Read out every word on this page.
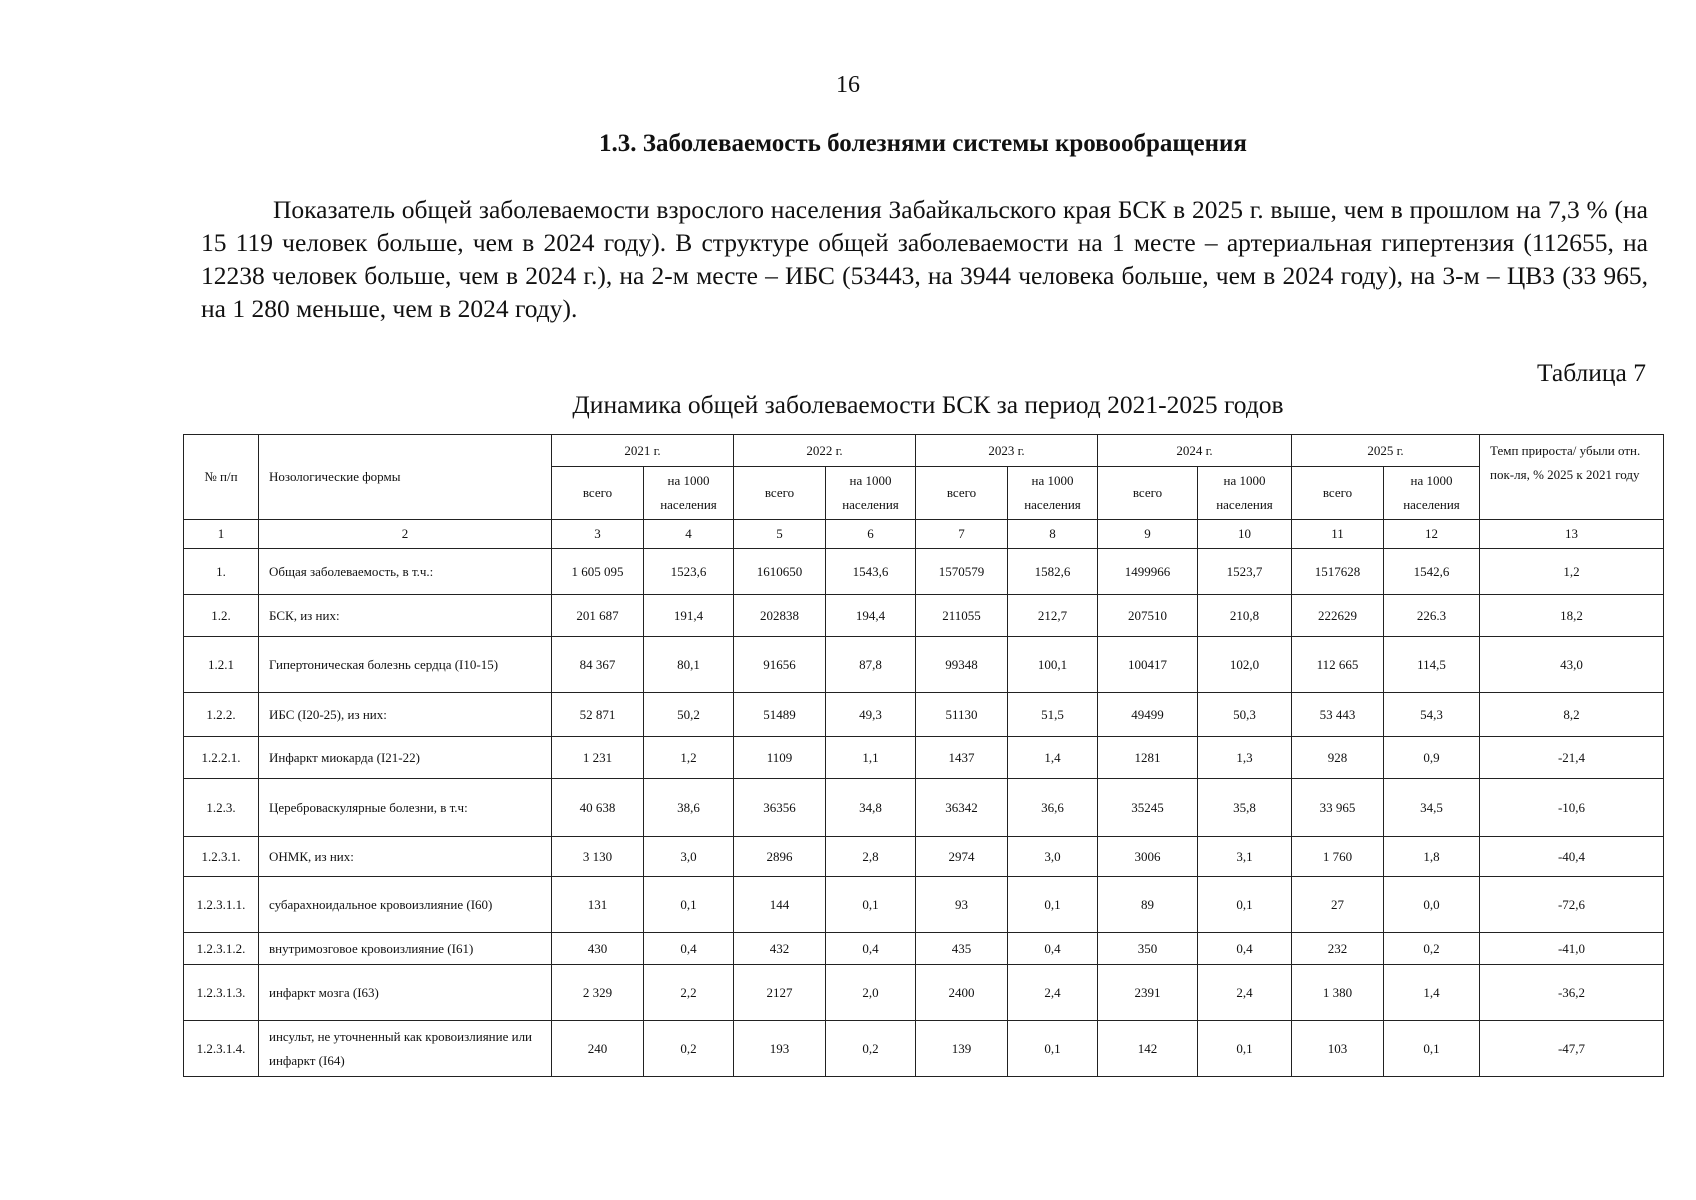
16
1.3. Заболеваемость болезнями системы кровообращения

Показатель общей заболеваемости взрослого населения Забайкальского края БСК в 2025 г. выше, чем в прошлом на 7,3 % (на 15 119 человек больше, чем в 2024 году). В структуре общей заболеваемости на 1 месте – артериальная гипертензия (112655, на 12238 человек больше, чем в 2024 г.), на 2-м месте – ИБС (53443, на 3944 человека больше, чем в 2024 году), на 3-м – ЦВЗ (33 965, на 1 280 меньше, чем в 2024 году).

Таблица 7
Динамика общей заболеваемости БСК за период 2021-2025 годов
№ п/п	Нозологические формы	2021 г.		2022 г.		2023 г.		2024 г.		2025 г.		Темп прироста/ убыли отн. пок-ля, % 2025 к 2021 году
		всего	на 1000 населения	всего	на 1000 населения	всего	на 1000 населения	всего	на 1000 населения	всего	на 1000 населения	
1	2	3	4	5	6	7	8	9	10	11	12	13
1.	Общая заболеваемость, в т.ч.:	1 605 095	1523,6	1610650	1543,6	1570579	1582,6	1499966	1523,7	1517628	1542,6	1,2
1.2.	БСК, из них:	201 687	191,4	202838	194,4	211055	212,7	207510	210,8	222629	226.3	18,2
1.2.1	Гипертоническая болезнь сердца (I10-15)	84 367	80,1	91656	87,8	99348	100,1	100417	102,0	112 665	114,5	43,0
1.2.2.	ИБС (I20-25), из них:	52 871	50,2	51489	49,3	51130	51,5	49499	50,3	53 443	54,3	8,2
1.2.2.1.	Инфаркт миокарда (I21-22)	1 231	1,2	1109	1,1	1437	1,4	1281	1,3	928	0,9	-21,4
1.2.3.	Цереброваскулярные болезни, в т.ч:	40 638	38,6	36356	34,8	36342	36,6	35245	35,8	33 965	34,5	-10,6
1.2.3.1.	ОНМК, из них:	3 130	3,0	2896	2,8	2974	3,0	3006	3,1	1 760	1,8	-40,4
1.2.3.1.1.	субарахноидальное кровоизлияние (I60)	131	0,1	144	0,1	93	0,1	89	0,1	27	0,0	-72,6
1.2.3.1.2.	внутримозговое кровоизлияние (I61)	430	0,4	432	0,4	435	0,4	350	0,4	232	0,2	-41,0
1.2.3.1.3.	инфаркт мозга (I63)	2 329	2,2	2127	2,0	2400	2,4	2391	2,4	1 380	1,4	-36,2
1.2.3.1.4.	инсульт, не уточненный как кровоизлияние или инфаркт (I64)	240	0,2	193	0,2	139	0,1	142	0,1	103	0,1	-47,7
